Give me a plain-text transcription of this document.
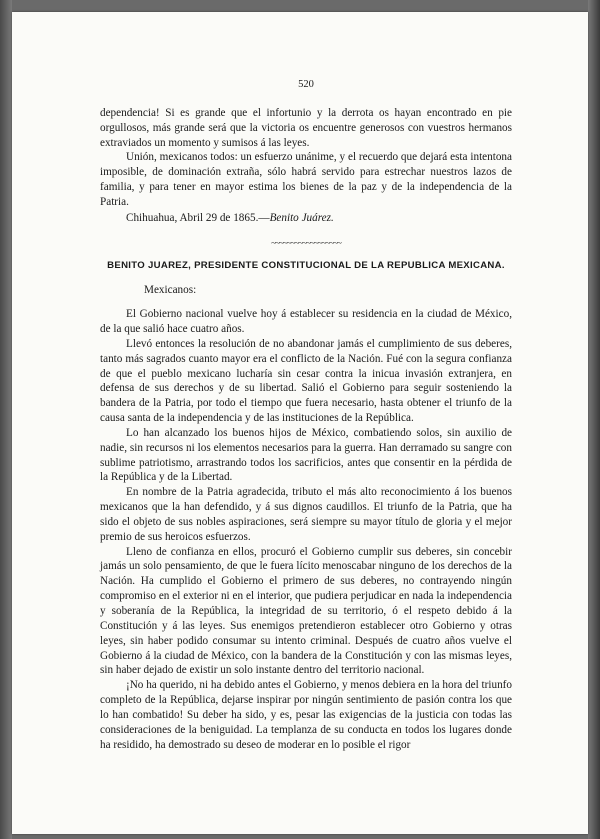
520

dependencia! Si es grande que el infortunio y la derrota os hayan encontrado en pie orgullosos, más grande será que la victoria os encuentre generosos con vuestros hermanos extraviados un momento y sumisos á las leyes.

Unión, mexicanos todos: un esfuerzo unánime, y el recuerdo que dejará esta intentona imposible, de dominación extraña, sólo habrá servido para estrechar nuestros lazos de familia, y para tener en mayor estima los bienes de la paz y de la independencia de la Patria.

Chihuahua, Abril 29 de 1865.—Benito Juárez.

~~~~~~~~~~~~~~~~~~
BENITO JUAREZ, PRESIDENTE CONSTITUCIONAL DE LA REPUBLICA MEXICANA.
Mexicanos:

El Gobierno nacional vuelve hoy á establecer su residencia en la ciudad de México, de la que salió hace cuatro años.

Llevó entonces la resolución de no abandonar jamás el cumplimiento de sus deberes, tanto más sagrados cuanto mayor era el conflicto de la Nación. Fué con la segura confianza de que el pueblo mexicano lucharía sin cesar contra la inicua invasión extranjera, en defensa de sus derechos y de su libertad. Salió el Gobierno para seguir sosteniendo la bandera de la Patria, por todo el tiempo que fuera necesario, hasta obtener el triunfo de la causa santa de la independencia y de las instituciones de la República.

Lo han alcanzado los buenos hijos de México, combatiendo solos, sin auxilio de nadie, sin recursos ni los elementos necesarios para la guerra. Han derramado su sangre con sublime patriotismo, arrastrando todos los sacrificios, antes que consentir en la pérdida de la República y de la Libertad.

En nombre de la Patria agradecida, tributo el más alto reconocimiento á los buenos mexicanos que la han defendido, y á sus dignos caudillos. El triunfo de la Patria, que ha sido el objeto de sus nobles aspiraciones, será siempre su mayor título de gloria y el mejor premio de sus heroicos esfuerzos.

Lleno de confianza en ellos, procuró el Gobierno cumplir sus deberes, sin concebir jamás un solo pensamiento, de que le fuera lícito menoscabar ninguno de los derechos de la Nación. Ha cumplido el Gobierno el primero de sus deberes, no contrayendo ningún compromiso en el exterior ni en el interior, que pudiera perjudicar en nada la independencia y soberanía de la República, la integridad de su territorio, ó el respeto debido á la Constitución y á las leyes. Sus enemigos pretendieron establecer otro Gobierno y otras leyes, sin haber podido consumar su intento criminal. Después de cuatro años vuelve el Gobierno á la ciudad de México, con la bandera de la Constitución y con las mismas leyes, sin haber dejado de existir un solo instante dentro del territorio nacional.

¡No ha querido, ni ha debido antes el Gobierno, y menos debiera en la hora del triunfo completo de la República, dejarse inspirar por ningún sentimiento de pasión contra los que lo han combatido! Su deber ha sido, y es, pesar las exigencias de la justicia con todas las consideraciones de la beniguidad. La templanza de su conducta en todos los lugares donde ha residido, ha demostrado su deseo de moderar en lo posible el rigor
